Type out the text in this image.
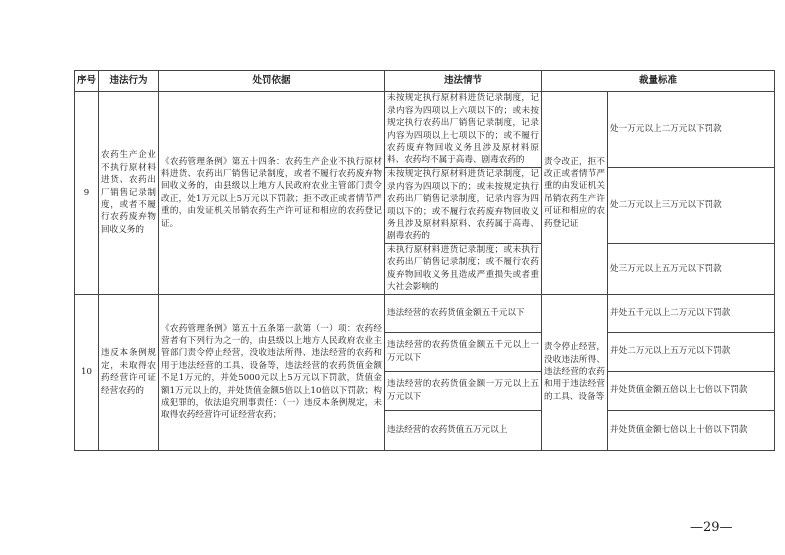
序号	违法行为	处罚依据	违法情节	裁量标准	
9	农药生产企业不执行原材料进货、农药出厂销售记录制度，或者不履行农药废弃物回收义务的	《农药管理条例》第五十四条：农药生产企业不执行原材料进货、农药出厂销售记录制度，或者不履行农药废弃物回收义务的，由县级以上地方人民政府农业主管部门责令改正，处1万元以上5万元以下罚款；拒不改正或者情节严重的，由发证机关吊销农药生产许可证和相应的农药登记证。	未按规定执行原材料进货记录制度，记录内容为四项以上六项以下的；或未按规定执行农药出厂销售记录制度，记录内容为四项以上七项以下的；或不履行农药废弃物回收义务且涉及原材料原料、农药均不属于高毒、剧毒农药的	责令改正，拒不改正或者情节严重的由发证机关吊销农药生产许可证和相应的农药登记证	处一万元以上二万元以下罚款
			未按规定执行原材料进货记录制度，记录内容为四项以下的；或未按规定执行农药出厂销售记录制度，记录内容为四项以下的；或不履行农药废弃物回收义务且涉及原材料原料、农药属于高毒、剧毒农药的		处二万元以上三万元以下罚款
			未执行原材料进货记录制度；或未执行农药出厂销售记录制度；或不履行农药废弃物回收义务且造成严重损失或者重大社会影响的		处三万元以上五万元以下罚款
10	违反本条例规定，未取得农药经营许可证经营农药的	《农药管理条例》第五十五条第一款第（一）项：农药经营者有下列行为之一的，由县级以上地方人民政府农业主管部门责令停止经营，没收违法所得、违法经营的农药和用于违法经营的工具、设备等，违法经营的农药货值金额不足1万元的，并处5000元以上5万元以下罚款，货值金额1万元以上的，并处货值金额5倍以上10倍以下罚款；构成犯罪的，依法追究刑事责任：（一）违反本条例规定，未取得农药经营许可证经营农药；	违法经营的农药货值金额五千元以下	责令停止经营，没收违法所得、违法经营的农药和用于违法经营的工具、设备等	并处五千元以上二万元以下罚款
			违法经营的农药货值金额五千元以上一万元以下		并处二万元以上五万元以下罚款
			违法经营的农药货值金额一万元以上五万元以下		并处货值金额五倍以上七倍以下罚款
			违法经营的农药货值五万元以上		并处货值金额七倍以上十倍以下罚款
—29—
